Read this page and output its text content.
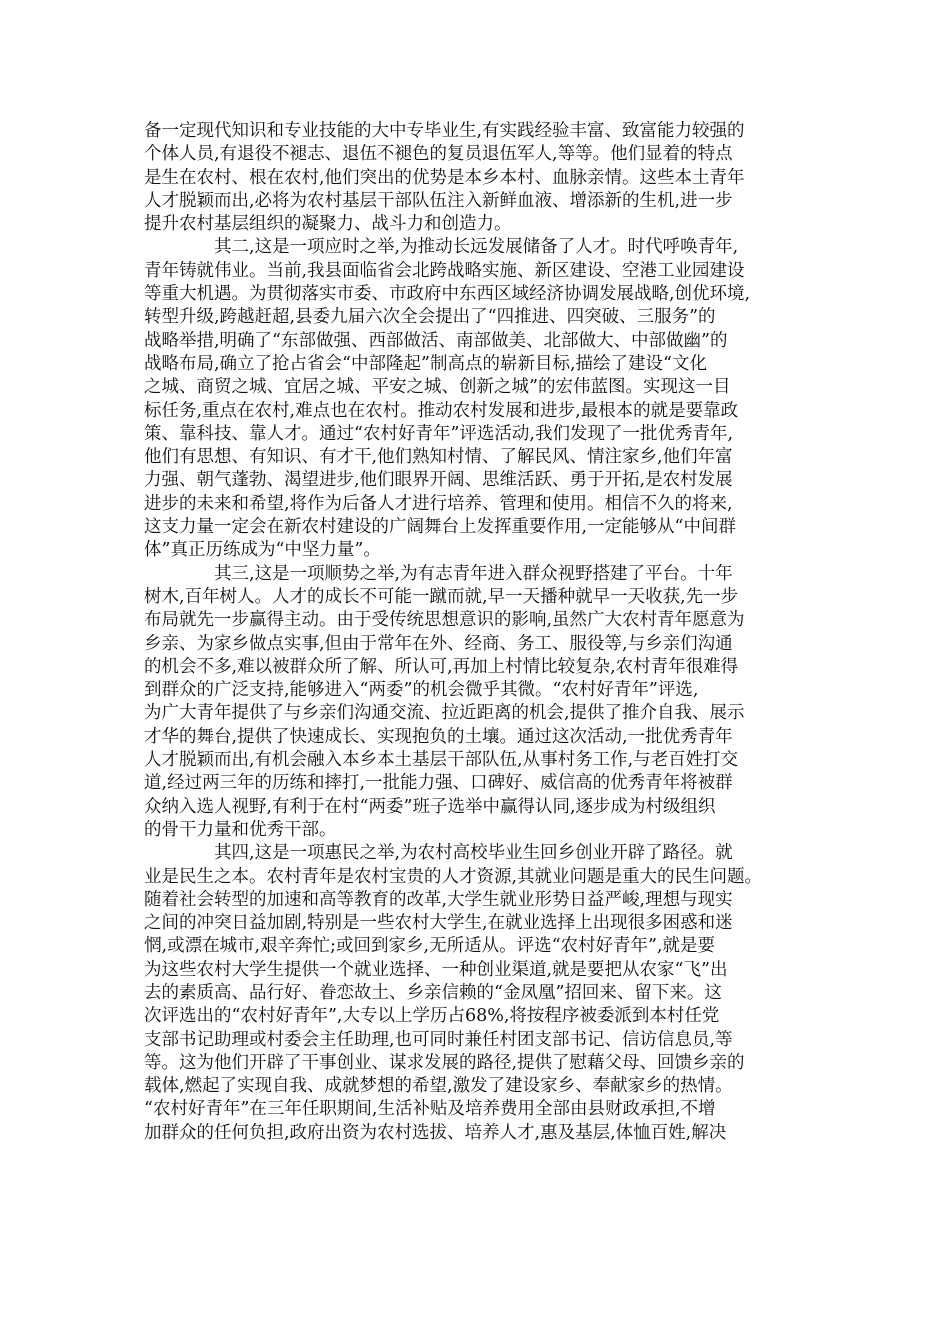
备一定现代知识和专业技能的大中专毕业生,有实践经验丰富、致富能力较强的
个体人员,有退役不褪志、退伍不褪色的复员退伍军人,等等。他们显着的特点
是生在农村、根在农村,他们突出的优势是本乡本村、血脉亲情。这些本土青年
人才脱颖而出,必将为农村基层干部队伍注入新鲜血液、增添新的生机,进一步
提升农村基层组织的凝聚力、战斗力和创造力。
其二,这是一项应时之举,为推动长远发展储备了人才。时代呼唤青年,
青年铸就伟业。当前,我县面临省会北跨战略实施、新区建设、空港工业园建设
等重大机遇。为贯彻落实市委、市政府中东西区域经济协调发展战略,创优环境,
转型升级,跨越赶超,县委九届六次全会提出了“四推进、四突破、三服务”的
战略举措,明确了“东部做强、西部做活、南部做美、北部做大、中部做幽”的
战略布局,确立了抢占省会“中部隆起”制高点的崭新目标,描绘了建设“文化
之城、商贸之城、宜居之城、平安之城、创新之城”的宏伟蓝图。实现这一目
标任务,重点在农村,难点也在农村。推动农村发展和进步,最根本的就是要靠政
策、靠科技、靠人才。通过“农村好青年”评选活动,我们发现了一批优秀青年,
他们有思想、有知识、有才干,他们熟知村情、了解民风、情注家乡,他们年富
力强、朝气蓬勃、渴望进步,他们眼界开阔、思维活跃、勇于开拓,是农村发展
进步的未来和希望,将作为后备人才进行培养、管理和使用。相信不久的将来,
这支力量一定会在新农村建设的广阔舞台上发挥重要作用,一定能够从“中间群
体”真正历练成为“中坚力量”。
其三,这是一项顺势之举,为有志青年进入群众视野搭建了平台。十年
树木,百年树人。人才的成长不可能一蹴而就,早一天播种就早一天收获,先一步
布局就先一步赢得主动。由于受传统思想意识的影响,虽然广大农村青年愿意为
乡亲、为家乡做点实事,但由于常年在外、经商、务工、服役等,与乡亲们沟通
的机会不多,难以被群众所了解、所认可,再加上村情比较复杂,农村青年很难得
到群众的广泛支持,能够进入“两委”的机会微乎其微。“农村好青年”评选,
为广大青年提供了与乡亲们沟通交流、拉近距离的机会,提供了推介自我、展示
才华的舞台,提供了快速成长、实现抱负的土壤。通过这次活动,一批优秀青年
人才脱颖而出,有机会融入本乡本土基层干部队伍,从事村务工作,与老百姓打交
道,经过两三年的历练和摔打,一批能力强、口碑好、威信高的优秀青年将被群
众纳入选人视野,有利于在村“两委”班子选举中赢得认同,逐步成为村级组织
的骨干力量和优秀干部。
其四,这是一项惠民之举,为农村高校毕业生回乡创业开辟了路径。就
业是民生之本。农村青年是农村宝贵的人才资源,其就业问题是重大的民生问题。
随着社会转型的加速和高等教育的改革,大学生就业形势日益严峻,理想与现实
之间的冲突日益加剧,特别是一些农村大学生,在就业选择上出现很多困惑和迷
惘,或漂在城市,艰辛奔忙;或回到家乡,无所适从。评选“农村好青年”,就是要
为这些农村大学生提供一个就业选择、一种创业渠道,就是要把从农家“飞”出
去的素质高、品行好、眷恋故土、乡亲信赖的“金凤凰”招回来、留下来。这
次评选出的“农村好青年”,大专以上学历占68%,将按程序被委派到本村任党
支部书记助理或村委会主任助理,也可同时兼任村团支部书记、信访信息员,等
等。这为他们开辟了干事创业、谋求发展的路径,提供了慰藉父母、回馈乡亲的
载体,燃起了实现自我、成就梦想的希望,激发了建设家乡、奉献家乡的热情。
“农村好青年”在三年任职期间,生活补贴及培养费用全部由县财政承担,不增
加群众的任何负担,政府出资为农村选拔、培养人才,惠及基层,体恤百姓,解决
